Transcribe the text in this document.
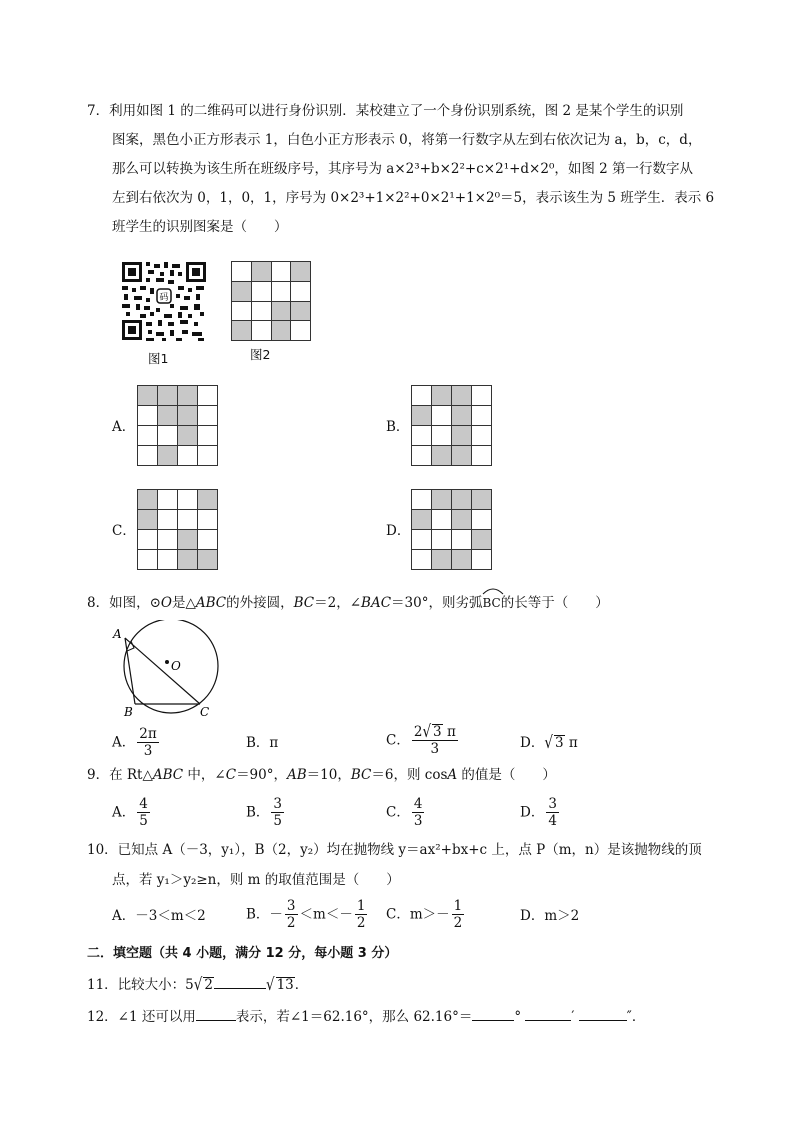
7．利用如图 1 的二维码可以进行身份识别．某校建立了一个身份识别系统，图 2 是某个学生的识别
图案，黑色小正方形表示 1，白色小正方形表示 0，将第一行数字从左到右依次记为 a，b，c，d，
那么可以转换为该生所在班级序号，其序号为 a×2³+b×2²+c×2¹+d×2⁰，如图 2 第一行数字从
左到右依次为 0，1，0，1，序号为 0×2³+1×2²+0×2¹+1×2⁰＝5，表示该生为 5 班学生．表示 6
班学生的识别图案是（　　）
码
图1	图2
A．	B．
C．	D．
8．如图，⊙O是△ABC的外接圆，BC＝2，∠BAC＝30°，则劣弧
BC的长等于（　　）
O
A
B	C
A． $\frac{2\pi}{3}$	B．π	C． $\frac{2√ 3 \pi}{3}$	D．√ 3 π
9．在 Rt△ABC 中，∠C＝90°，AB＝10，BC＝6，则 cosA 的值是（　　）
A． $\frac{4}{5}$	B． $\frac{3}{5}$	C． $\frac{4}{3}$	D． $\frac{3}{4}$
10．已知点 A（－3，y₁），B（2，y₂）均在抛物线 y＝ax²+bx+c 上，点 P（m，n）是该抛物线的顶
点，若 y₁＞y₂≥n，则 m 的取值范围是（　　）
A．－3＜m＜2	B．－ $\frac{3}{2} <m<- \frac{1}{2}$ C．$m>- \frac{1}{2}$	D．m＞2
二．填空题（共 4 小题，满分 12 分，每小题 3 分）
11．比较大小：5√ 2	√ 13．
12．∠1 还可以用	表示，若∠1＝62.16°，那么 62.16°＝	°	′	″．
